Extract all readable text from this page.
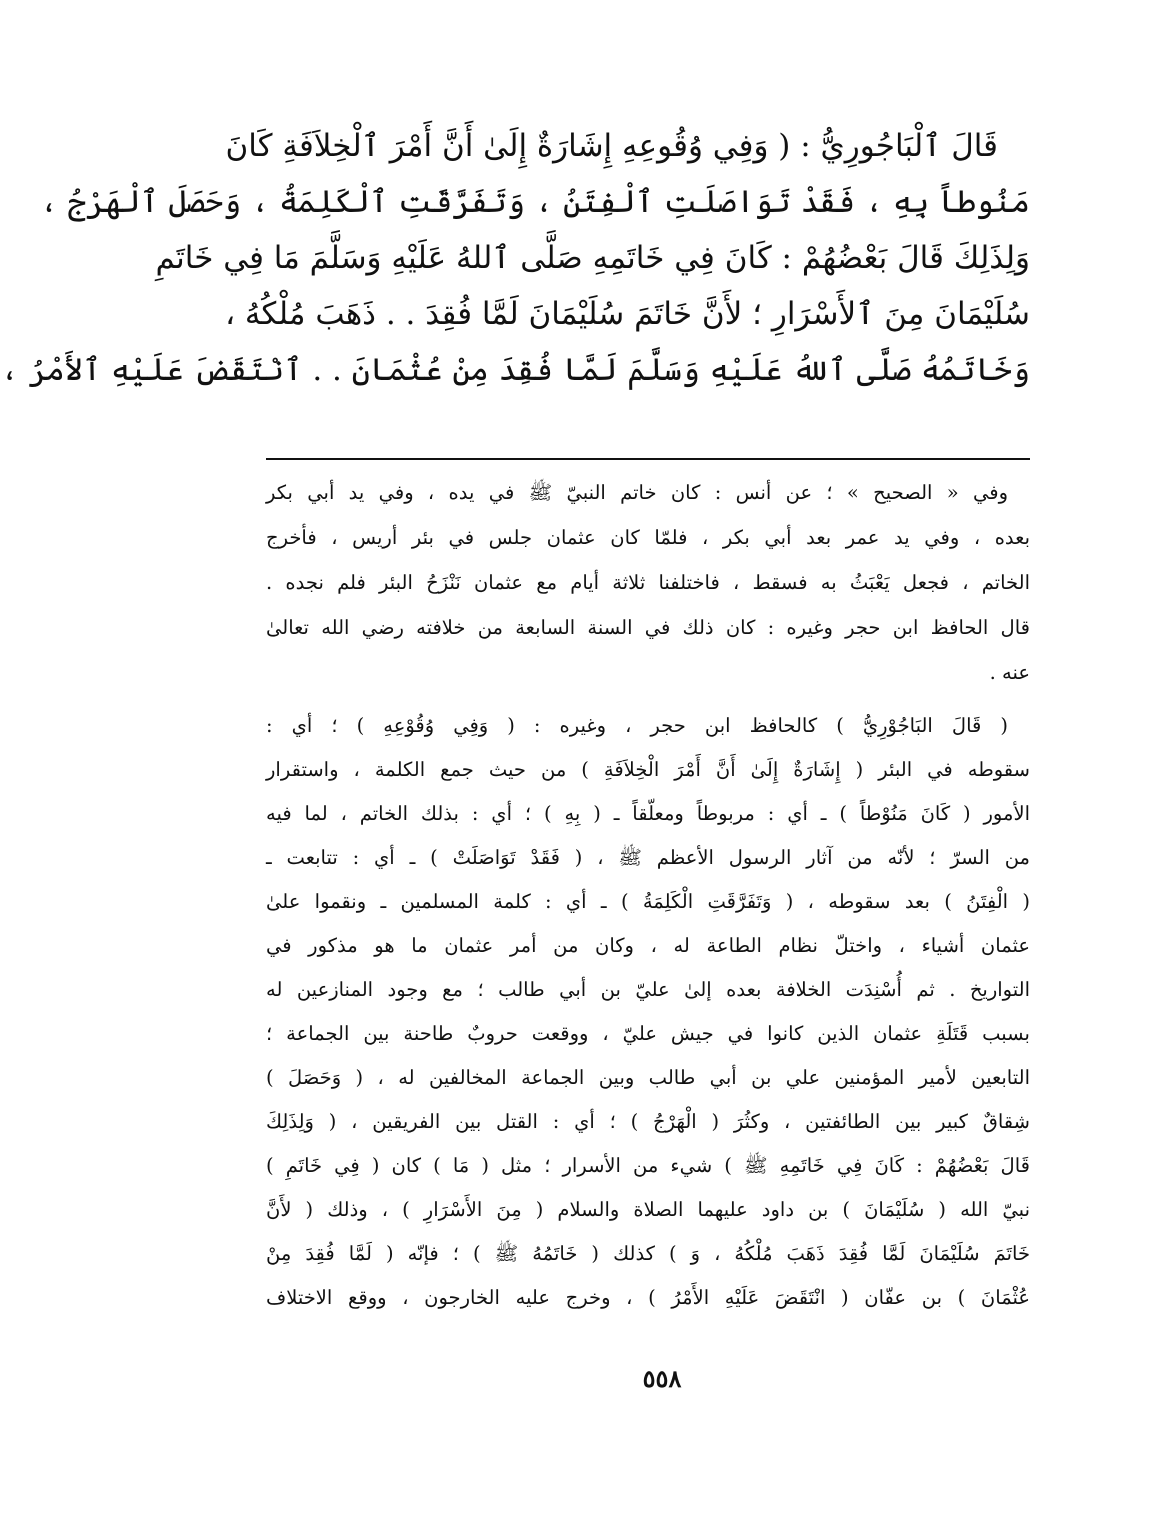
قَالَ ٱلْبَاجُورِيُّ : ( وَفِي وُقُوعِهِ إِشَارَةٌ إِلَىٰ أَنَّ أَمْرَ ٱلْخِلاَفَةِ كَانَ
مَنُوطاً بِهِ ، فَقَدْ تَوَاصَلَتِ ٱلْفِتَنُ ، وَتَفَرَّقَتِ ٱلْكَلِمَةُ ، وَحَصَلَ ٱلْهَرْجُ ،
وَلِذَلِكَ قَالَ بَعْضُهُمْ : كَانَ فِي خَاتَمِهِ صَلَّى ٱللهُ عَلَيْهِ وَسَلَّمَ مَا فِي خَاتَمِ
سُلَيْمَانَ مِنَ ٱلأَسْرَارِ ؛ لأَنَّ خَاتَمَ سُلَيْمَانَ لَمَّا فُقِدَ . . ذَهَبَ مُلْكُهُ ،
وَخَاتَمُهُ صَلَّى ٱللهُ عَلَيْهِ وَسَلَّمَ لَمَّا فُقِدَ مِنْ عُثْمَانَ . . ٱنْتَقَضَ عَلَيْهِ ٱلأَمْرُ ،
وفي « الصحيح » ؛ عن أنس : كان خاتم النبيّ ﷺ في يده ، وفي يد أبي بكر
بعده ، وفي يد عمر بعد أبي بكر ، فلمّا كان عثمان جلس في بئر أريس ، فأخرج
الخاتم ، فجعل يَعْبَثُ به فسقط ، فاختلفنا ثلاثة أيام مع عثمان نَنْزَحُ البئر فلم نجده .
قال الحافظ ابن حجر وغيره : كان ذلك في السنة السابعة من خلافته رضي الله تعالىٰ
عنه .
( قَالَ البَاجُوْرِيُّ ) كالحافظ ابن حجر ، وغيره : ( وَفِي وُقُوْعِهِ ) ؛ أي :
سقوطه في البئر ( إِشَارَةٌ إِلَىٰ أَنَّ أَمْرَ الْخِلاَفَةِ ) من حيث جمع الكلمة ، واستقرار
الأمور ( كَانَ مَنُوْطاً ) ـ أي : مربوطاً ومعلّقاً ـ ( بِهِ ) ؛ أي : بذلك الخاتم ، لما فيه
من السرّ ؛ لأنّه من آثار الرسول الأعظم ﷺ ، ( فَقَدْ تَوَاصَلَتْ ) ـ أي : تتابعت ـ
( الْفِتَنُ ) بعد سقوطه ، ( وَتَفَرَّقَتِ الْكَلِمَةُ ) ـ أي : كلمة المسلمين ـ ونقموا علىٰ
عثمان أشياء ، واختلّ نظام الطاعة له ، وكان من أمر عثمان ما هو مذكور في
التواريخ . ثم أُسْنِدَت الخلافة بعده إلىٰ عليّ بن أبي طالب ؛ مع وجود المنازعين له
بسبب قَتَلَةِ عثمان الذين كانوا في جيش عليّ ، ووقعت حروبٌ طاحنة بين الجماعة ؛
التابعين لأمير المؤمنين علي بن أبي طالب وبين الجماعة المخالفين له ، ( وَحَصَلَ )
شِقاقٌ كبير بين الطائفتين ، وكثُرَ ( الْهَرْجُ ) ؛ أي : القتل بين الفريقين ، ( وَلِذَلِكَ
قَالَ بَعْضُهُمْ : كَانَ فِي خَاتَمِهِ ﷺ ) شيء من الأسرار ؛ مثل ( مَا ) كان ( فِي خَاتَمِ )
نبيّ الله ( سُلَيْمَانَ ) بن داود عليهما الصلاة والسلام ( مِنَ الأَسْرَارِ ) ، وذلك ( لأَنَّ
خَاتَمَ سُلَيْمَانَ لَمَّا فُقِدَ ذَهَبَ مُلْكُهُ ، وَ ) كذلك ( خَاتَمُهُ ﷺ ) ؛ فإنّه ( لَمَّا فُقِدَ مِنْ
عُثْمَانَ ) بن عفّان ( انْتَقَضَ عَلَيْهِ الأَمْرُ ) ، وخرج عليه الخارجون ، ووقع الاختلاف
٥٥٨
